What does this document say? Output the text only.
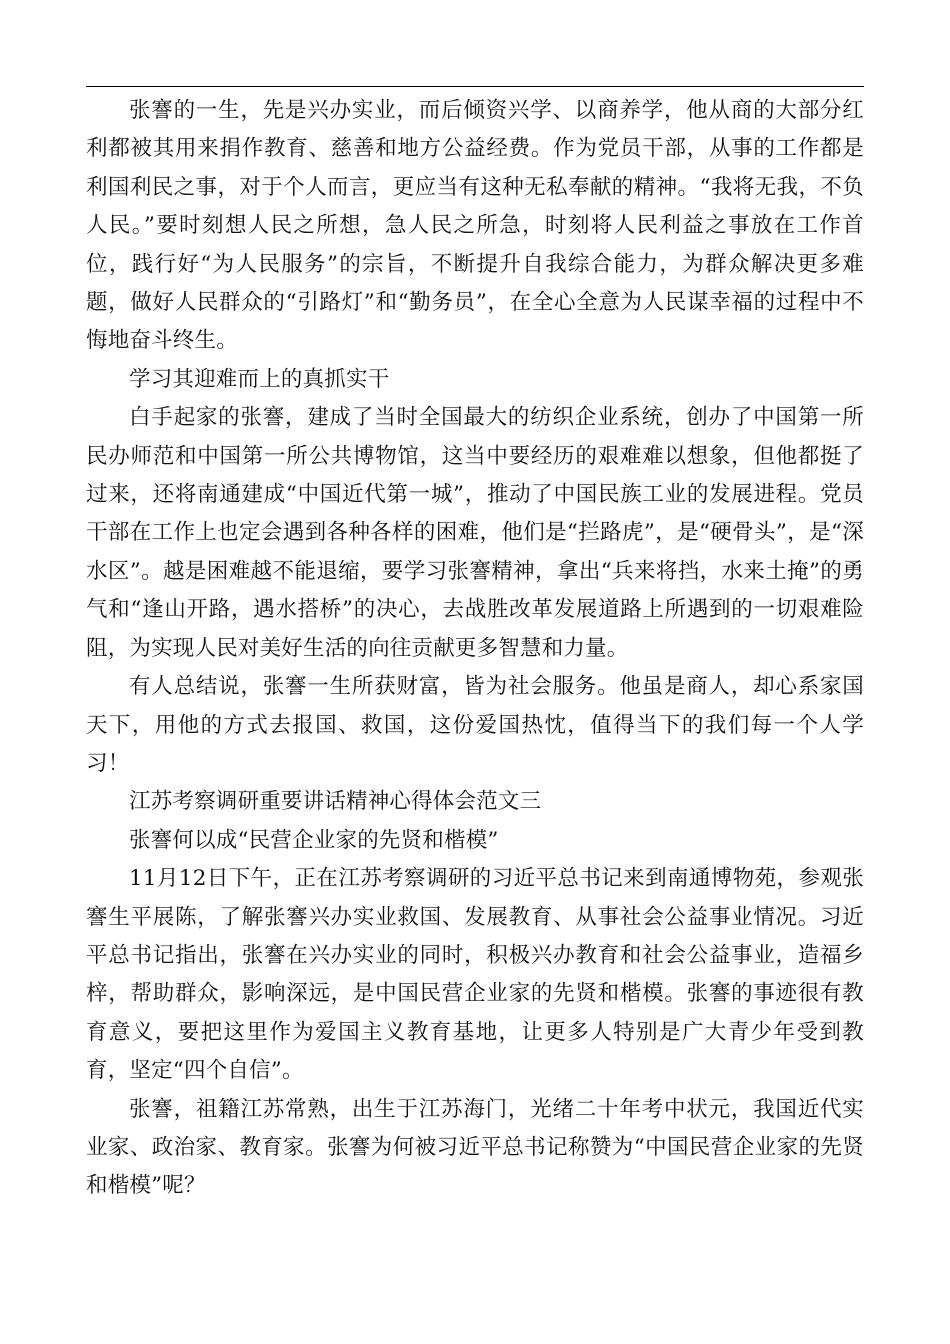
张謇的一生，先是兴办实业，而后倾资兴学、以商养学，他从商的大部分红利都被其用来捐作教育、慈善和地方公益经费。作为党员干部，从事的工作都是利国利民之事，对于个人而言，更应当有这种无私奉献的精神。“我将无我，不负人民。”要时刻想人民之所想，急人民之所急，时刻将人民利益之事放在工作首位，践行好“为人民服务”的宗旨，不断提升自我综合能力，为群众解决更多难题，做好人民群众的“引路灯”和“勤务员”，在全心全意为人民谋幸福的过程中不悔地奋斗终生。

学习其迎难而上的真抓实干

白手起家的张謇，建成了当时全国最大的纺织企业系统，创办了中国第一所民办师范和中国第一所公共博物馆，这当中要经历的艰难难以想象，但他都挺了过来，还将南通建成“中国近代第一城”，推动了中国民族工业的发展进程。党员干部在工作上也定会遇到各种各样的困难，他们是“拦路虎”，是“硬骨头”，是“深水区”。越是困难越不能退缩，要学习张謇精神，拿出“兵来将挡，水来土掩”的勇气和“逢山开路，遇水搭桥”的决心，去战胜改革发展道路上所遇到的一切艰难险阻，为实现人民对美好生活的向往贡献更多智慧和力量。

有人总结说，张謇一生所获财富，皆为社会服务。他虽是商人，却心系家国天下，用他的方式去报国、救国，这份爱国热忱，值得当下的我们每一个人学习！

江苏考察调研重要讲话精神心得体会范文三

张謇何以成“民营企业家的先贤和楷模”

11月12日下午，正在江苏考察调研的习近平总书记来到南通博物苑，参观张謇生平展陈，了解张謇兴办实业救国、发展教育、从事社会公益事业情况。习近平总书记指出，张謇在兴办实业的同时，积极兴办教育和社会公益事业，造福乡梓，帮助群众，影响深远，是中国民营企业家的先贤和楷模。张謇的事迹很有教育意义，要把这里作为爱国主义教育基地，让更多人特别是广大青少年受到教育，坚定“四个自信”。

张謇，祖籍江苏常熟，出生于江苏海门，光绪二十年考中状元，我国近代实业家、政治家、教育家。张謇为何被习近平总书记称赞为“中国民营企业家的先贤和楷模”呢？
